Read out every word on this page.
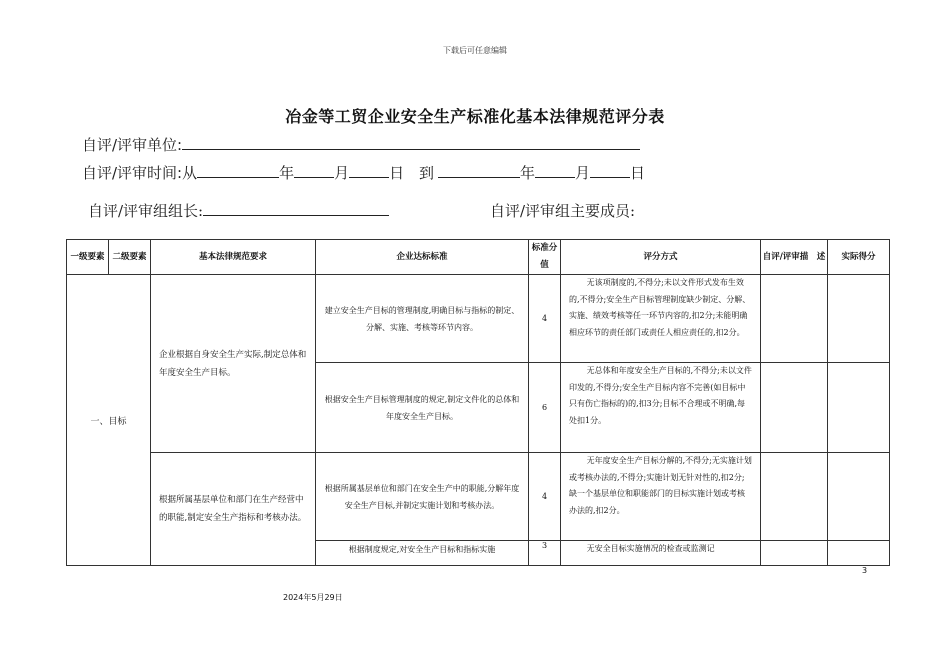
下载后可任意编辑
冶金等工贸企业安全生产标准化基本法律规范评分表
自评/评审单位:
自评/评审时间:从	年	月	日 到	年	月	日
自评/评审组组长:	自评/评审组主要成员:
一级要素	二级要素	基本法律规范要求	企业达标标准	标准分值	评分方式	自评/评审描　述	实际得分
一、目标		企业根据自身安全生产实际,制定总体和年度安全生产目标。	建立安全生产目标的管理制度,明确目标与指标的制定、分解、实施、考核等环节内容。	4	无该项制度的,不得分;未以文件形式发布生效的,不得分;安全生产目标管理制度缺少制定、分解、实施、绩效考核等任一环节内容的,扣2分;未能明确相应环节的责任部门或责任人相应责任的,扣2分。		
			根据安全生产目标管理制度的规定,制定文件化的总体和年度安全生产目标。	6	无总体和年度安全生产目标的,不得分;未以文件印发的,不得分;安全生产目标内容不完善(如目标中只有伤亡指标的)的,扣3分;目标不合理或不明确,每处扣1分。		
		根据所属基层单位和部门在生产经营中的职能,制定安全生产指标和考核办法。	根据所属基层单位和部门在安全生产中的职能,分解年度安全生产目标,并制定实施计划和考核办法。	4	无年度安全生产目标分解的,不得分;无实施计划或考核办法的,不得分;实施计划无针对性的,扣2分;缺一个基层单位和职能部门的目标实施计划或考核办法的,扣2分。		
			根据制度规定,对安全生产目标和指标实施	3	无安全目标实施情况的检查或监测记		
3
2024年5月29日
